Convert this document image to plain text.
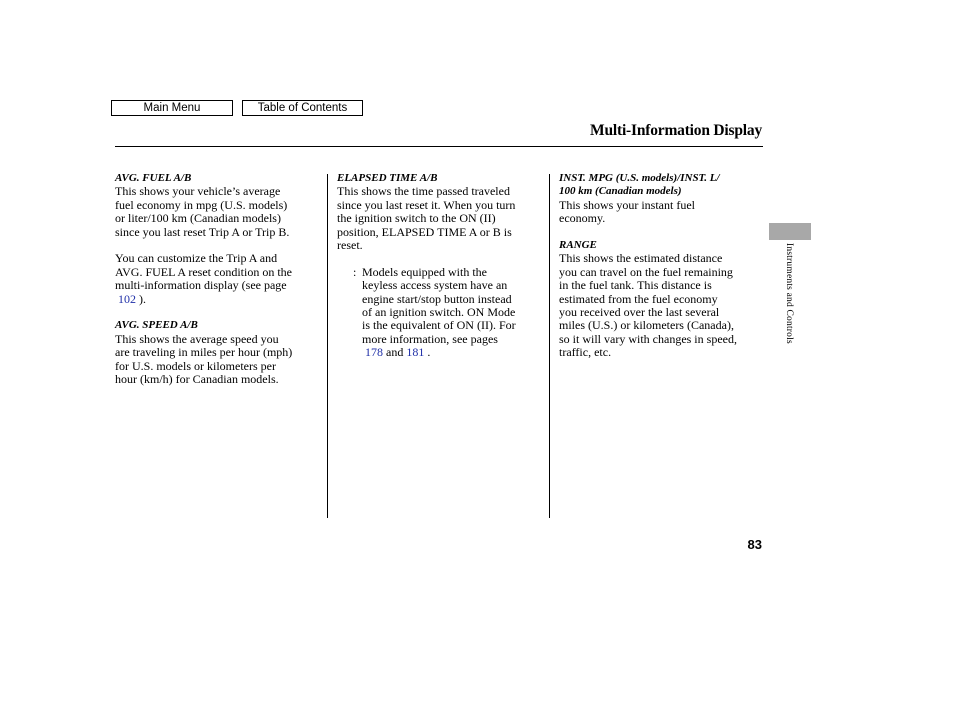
Main Menu	Table of Contents
Multi-Information Display

AVG. FUEL A/B

This shows your vehicle’s average

fuel economy in mpg (U.S. models)

or liter/100 km (Canadian models)

since you last reset Trip A or Trip B.

You can customize the Trip A and

AVG. FUEL A reset condition on the

multi-information display (see page

102 ).

AVG. SPEED A/B

This shows the average speed you

are traveling in miles per hour (mph)

for U.S. models or kilometers per

hour (km/h) for Canadian models.

ELAPSED TIME A/B

This shows the time passed traveled

since you last reset it. When you turn

the ignition switch to the ON (II)

position, ELAPSED TIME A or B is

reset.

: Models equipped with the

keyless access system have an

engine start/stop button instead

of an ignition switch. ON Mode

is the equivalent of ON (II). For

more information, see pages

178 and 181 .

INST. MPG (U.S. models)/INST. L/

100 km (Canadian models)

This shows your instant fuel

economy.

RANGE

This shows the estimated distance

you can travel on the fuel remaining

in the fuel tank. This distance is

estimated from the fuel economy

you received over the last several

miles (U.S.) or kilometers (Canada),

so it will vary with changes in speed,

traffic, etc.

Instruments and Controls
83
